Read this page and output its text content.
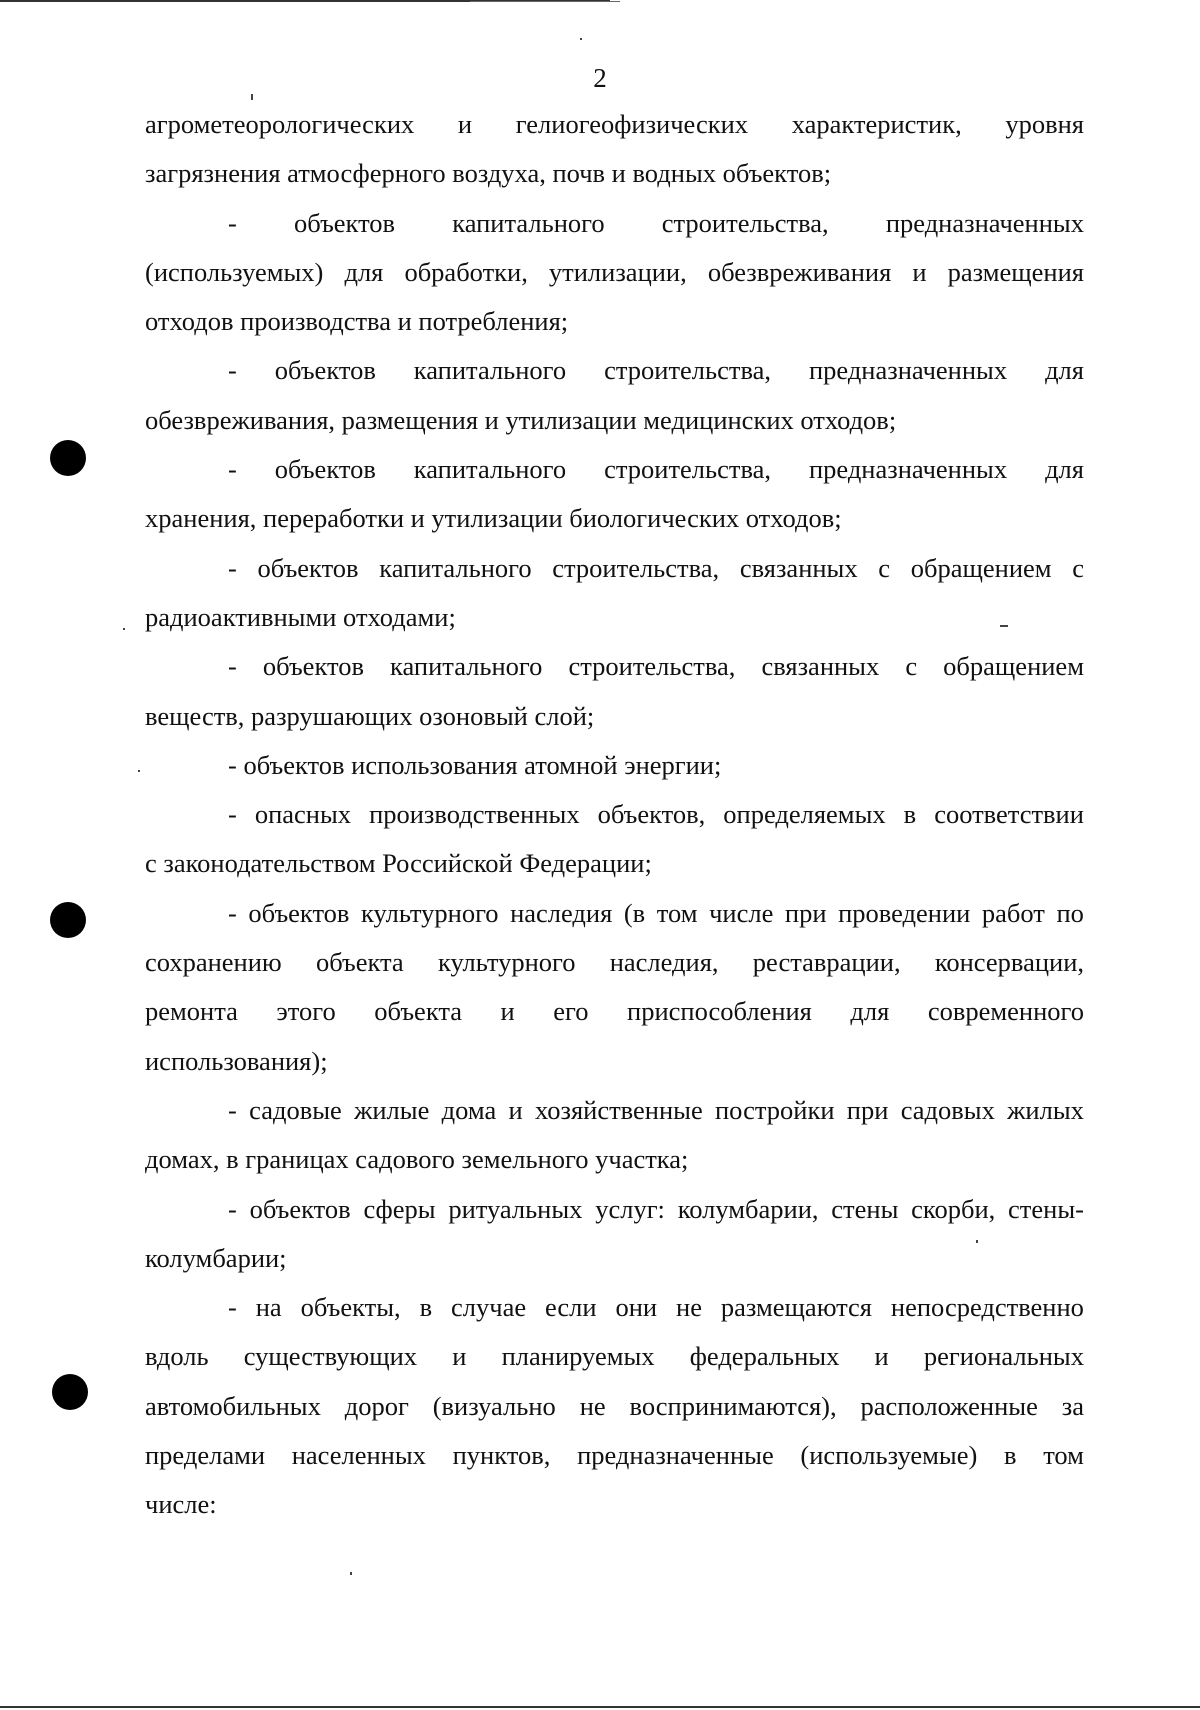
2
агрометеорологических и гелиогеофизических характеристик, уровня
загрязнения атмосферного воздуха, почв и водных объектов;
- объектов капитального строительства, предназначенных
(используемых) для обработки, утилизации, обезвреживания и размещения
отходов производства и потребления;
- объектов капитального строительства, предназначенных для
обезвреживания, размещения и утилизации медицинских отходов;
- объектов капитального строительства, предназначенных для
хранения, переработки и утилизации биологических отходов;
- объектов капитального строительства, связанных с обращением с
радиоактивными отходами;
- объектов капитального строительства, связанных с обращением
веществ, разрушающих озоновый слой;
- объектов использования атомной энергии;
- опасных производственных объектов, определяемых в соответствии
с законодательством Российской Федерации;
- объектов культурного наследия (в том числе при проведении работ по
сохранению объекта культурного наследия, реставрации, консервации,
ремонта этого объекта и его приспособления для современного
использования);
- садовые жилые дома и хозяйственные постройки при садовых жилых
домах, в границах садового земельного участка;
- объектов сферы ритуальных услуг: колумбарии, стены скорби, стены-
колумбарии;
- на объекты, в случае если они не размещаются непосредственно
вдоль существующих и планируемых федеральных и региональных
автомобильных дорог (визуально не воспринимаются), расположенные за
пределами населенных пунктов, предназначенные (используемые) в том
числе:
